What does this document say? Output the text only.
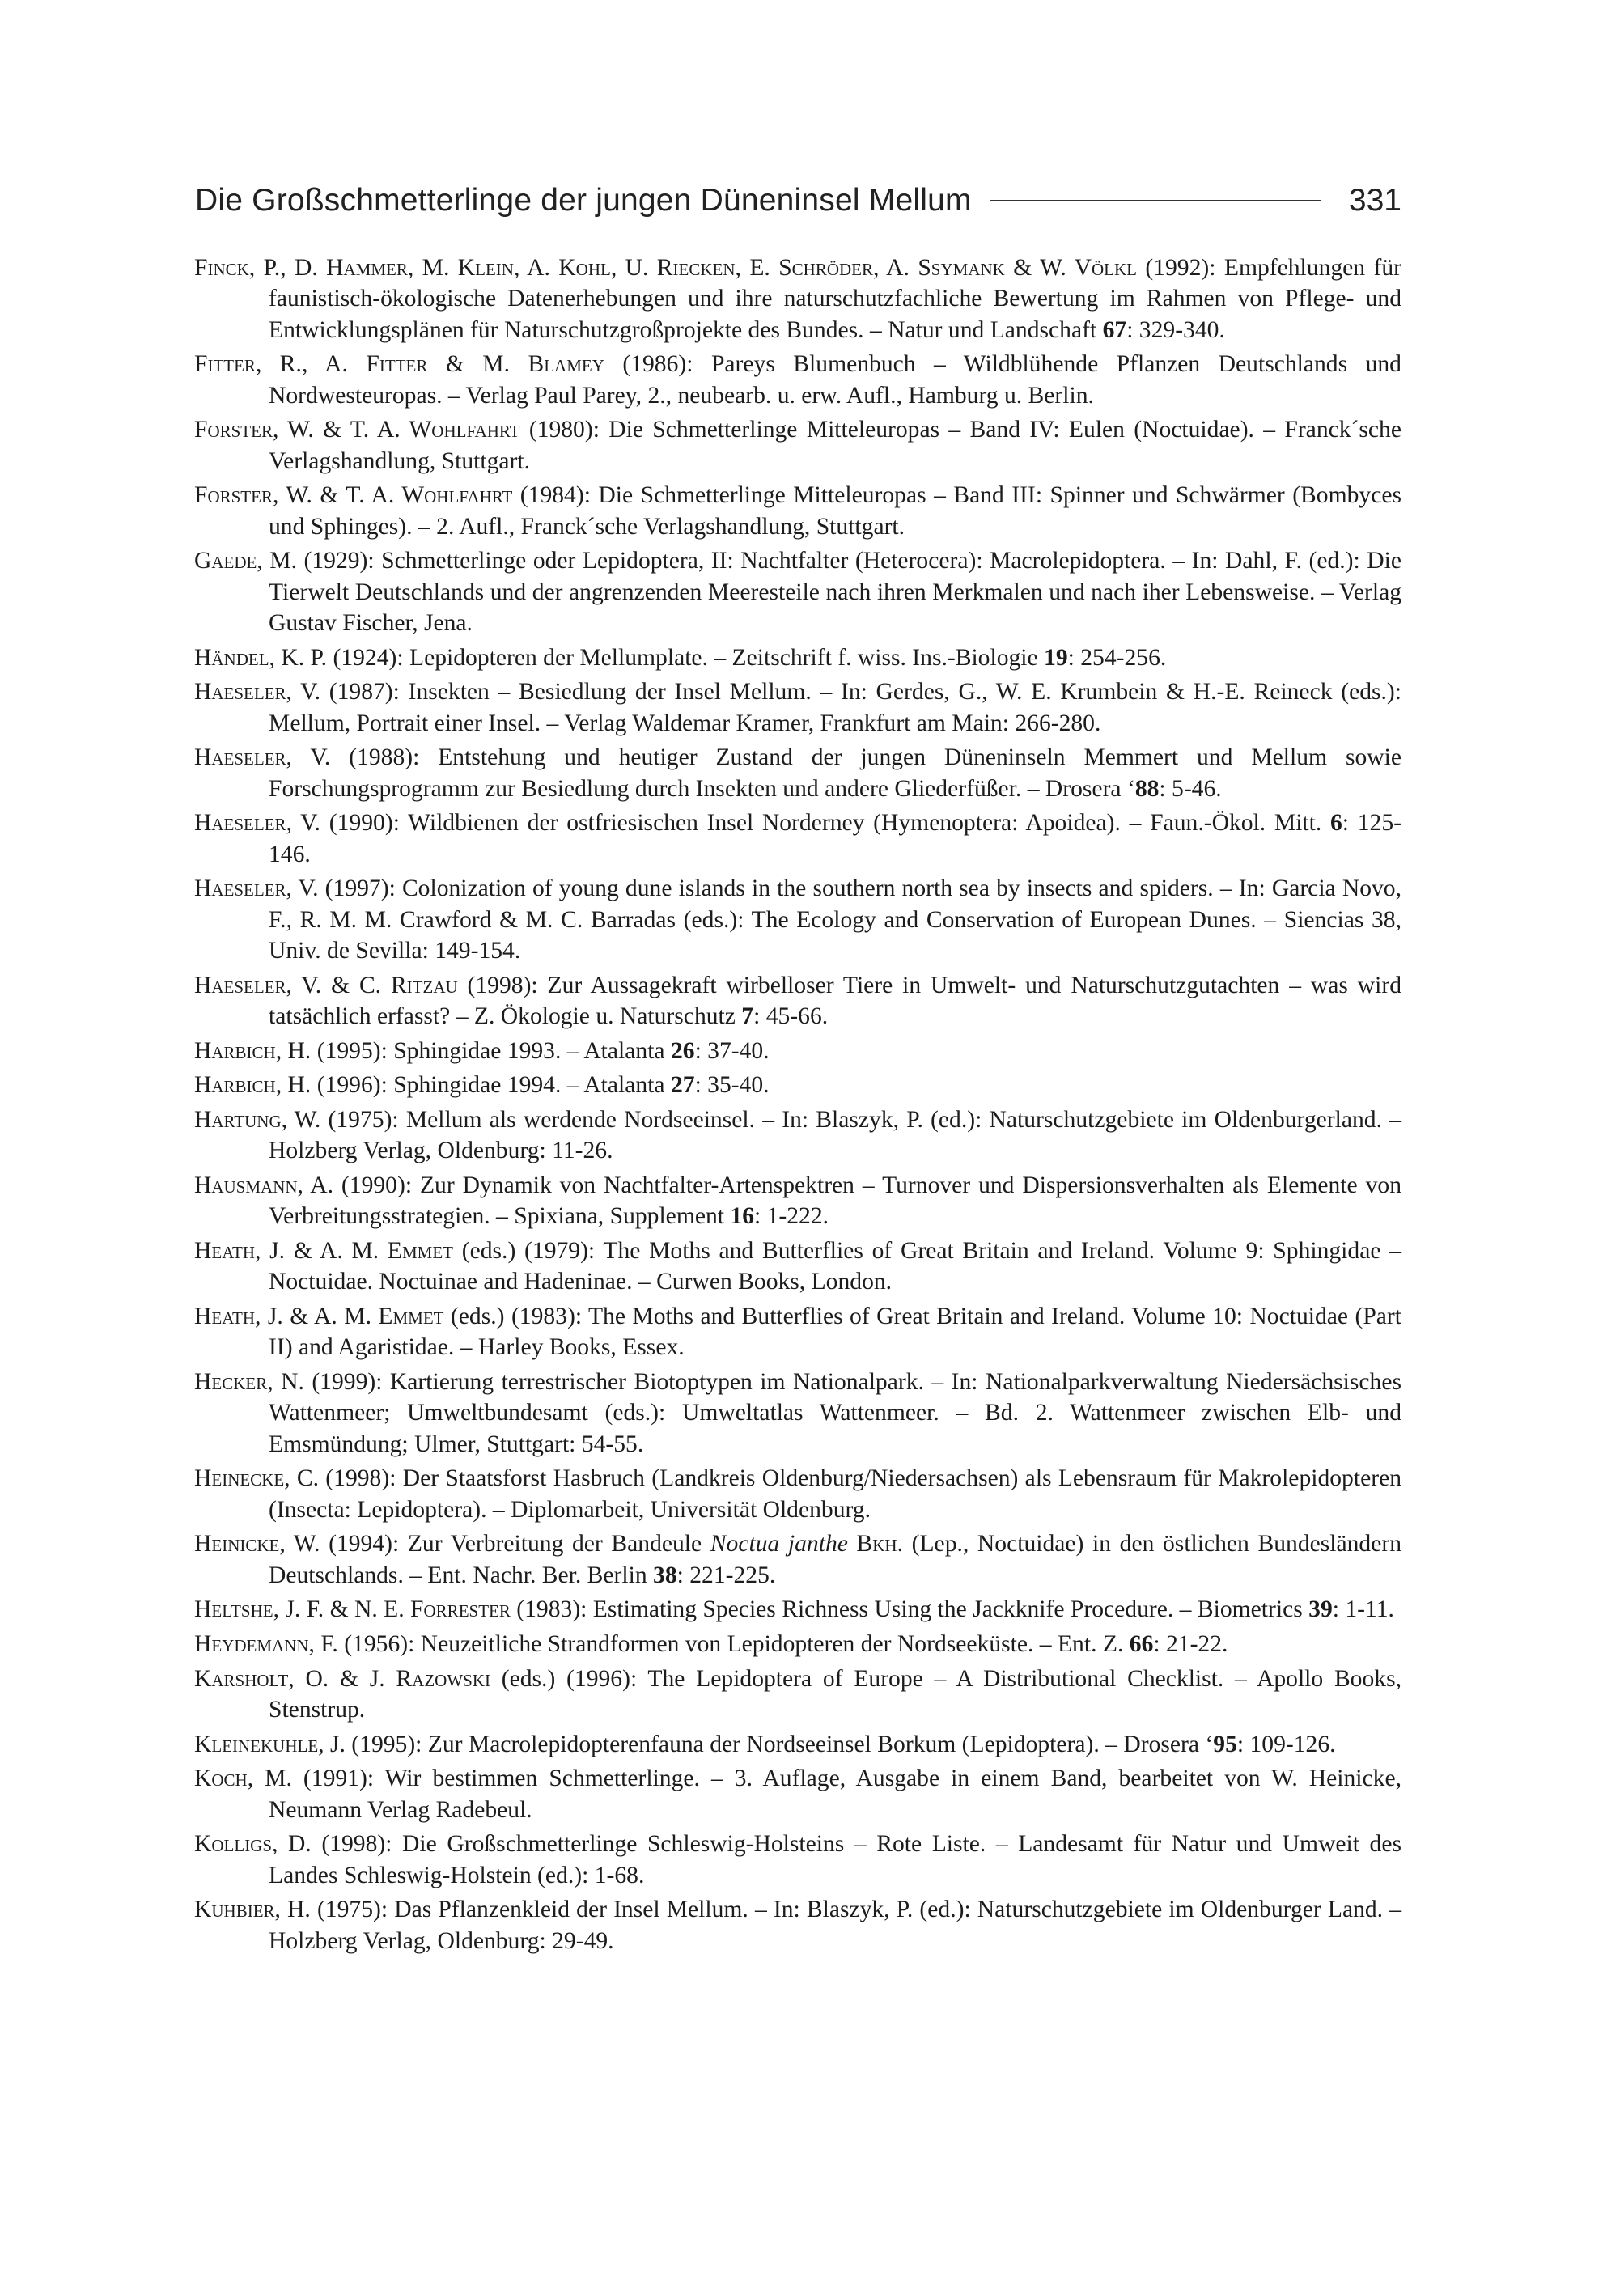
Die Großschmetterlinge der jungen Düneninsel Mellum	331

Finck, P., D. Hammer, M. Klein, A. Kohl, U. Riecken, E. Schröder, A. Ssymank & W. Völkl (1992): Empfehlungen für faunistisch-ökologische Datenerhebungen und ihre naturschutzfachliche Bewertung im Rahmen von Pflege- und Entwicklungsplänen für Naturschutzgroßprojekte des Bundes. – Natur und Landschaft 67: 329-340.

Fitter, R., A. Fitter & M. Blamey (1986): Pareys Blumenbuch – Wildblühende Pflanzen Deutschlands und Nordwesteuropas. – Verlag Paul Parey, 2., neubearb. u. erw. Aufl., Hamburg u. Berlin.

Forster, W. & T. A. Wohlfahrt (1980): Die Schmetterlinge Mitteleuropas – Band IV: Eulen (Noctuidae). – Franck´sche Verlagshandlung, Stuttgart.

Forster, W. & T. A. Wohlfahrt (1984): Die Schmetterlinge Mitteleuropas – Band III: Spinner und Schwärmer (Bombyces und Sphinges). – 2. Aufl., Franck´sche Verlagshandlung, Stuttgart.

Gaede, M. (1929): Schmetterlinge oder Lepidoptera, II: Nachtfalter (Heterocera): Macrolepidoptera. – In: Dahl, F. (ed.): Die Tierwelt Deutschlands und der angrenzenden Meeresteile nach ihren Merkmalen und nach iher Lebensweise. – Verlag Gustav Fischer, Jena.

Händel, K. P. (1924): Lepidopteren der Mellumplate. – Zeitschrift f. wiss. Ins.-Biologie 19: 254-256.

Haeseler, V. (1987): Insekten – Besiedlung der Insel Mellum. – In: Gerdes, G., W. E. Krumbein & H.-E. Reineck (eds.): Mellum, Portrait einer Insel. – Verlag Waldemar Kramer, Frankfurt am Main: 266-280.

Haeseler, V. (1988): Entstehung und heutiger Zustand der jungen Düneninseln Memmert und Mellum sowie Forschungsprogramm zur Besiedlung durch Insekten und andere Gliederfüßer. – Drosera ‘88: 5-46.

Haeseler, V. (1990): Wildbienen der ostfriesischen Insel Norderney (Hymenoptera: Apoidea). – Faun.-Ökol. Mitt. 6: 125-146.

Haeseler, V. (1997): Colonization of young dune islands in the southern north sea by insects and spiders. – In: Garcia Novo, F., R. M. M. Crawford & M. C. Barradas (eds.): The Ecology and Conservation of European Dunes. – Siencias 38, Univ. de Sevilla: 149-154.

Haeseler, V. & C. Ritzau (1998): Zur Aussagekraft wirbelloser Tiere in Umwelt- und Naturschutzgutachten – was wird tatsächlich erfasst? – Z. Ökologie u. Naturschutz 7: 45-66.

Harbich, H. (1995): Sphingidae 1993. – Atalanta 26: 37-40.

Harbich, H. (1996): Sphingidae 1994. – Atalanta 27: 35-40.

Hartung, W. (1975): Mellum als werdende Nordseeinsel. – In: Blaszyk, P. (ed.): Naturschutzgebiete im Oldenburgerland. – Holzberg Verlag, Oldenburg: 11-26.

Hausmann, A. (1990): Zur Dynamik von Nachtfalter-Artenspektren – Turnover und Dispersionsverhalten als Elemente von Verbreitungsstrategien. – Spixiana, Supplement 16: 1-222.

Heath, J. & A. M. Emmet (eds.) (1979): The Moths and Butterflies of Great Britain and Ireland. Volume 9: Sphingidae – Noctuidae. Noctuinae and Hadeninae. – Curwen Books, London.

Heath, J. & A. M. Emmet (eds.) (1983): The Moths and Butterflies of Great Britain and Ireland. Volume 10: Noctuidae (Part II) and Agaristidae. – Harley Books, Essex.

Hecker, N. (1999): Kartierung terrestrischer Biotoptypen im Nationalpark. – In: Nationalparkverwaltung Niedersächsisches Wattenmeer; Umweltbundesamt (eds.): Umweltatlas Wattenmeer. – Bd. 2. Wattenmeer zwischen Elb- und Emsmündung; Ulmer, Stuttgart: 54-55.

Heinecke, C. (1998): Der Staatsforst Hasbruch (Landkreis Oldenburg/Niedersachsen) als Lebensraum für Makrolepidopteren (Insecta: Lepidoptera). – Diplomarbeit, Universität Oldenburg.

Heinicke, W. (1994): Zur Verbreitung der Bandeule Noctua janthe Bkh. (Lep., Noctuidae) in den östlichen Bundesländern Deutschlands. – Ent. Nachr. Ber. Berlin 38: 221-225.

Heltshe, J. F. & N. E. Forrester (1983): Estimating Species Richness Using the Jackknife Procedure. – Biometrics 39: 1-11.

Heydemann, F. (1956): Neuzeitliche Strandformen von Lepidopteren der Nordseeküste. – Ent. Z. 66: 21-22.

Karsholt, O. & J. Razowski (eds.) (1996): The Lepidoptera of Europe – A Distributional Checklist. – Apollo Books, Stenstrup.

Kleinekuhle, J. (1995): Zur Macrolepidopterenfauna der Nordseeinsel Borkum (Lepidoptera). – Drosera ‘95: 109-126.

Koch, M. (1991): Wir bestimmen Schmetterlinge. – 3. Auflage, Ausgabe in einem Band, bearbeitet von W. Heinicke, Neumann Verlag Radebeul.

Kolligs, D. (1998): Die Großschmetterlinge Schleswig-Holsteins – Rote Liste. – Landesamt für Natur und Umweit des Landes Schleswig-Holstein (ed.): 1-68.

Kuhbier, H. (1975): Das Pflanzenkleid der Insel Mellum. – In: Blaszyk, P. (ed.): Naturschutzgebiete im Oldenburger Land. – Holzberg Verlag, Oldenburg: 29-49.
